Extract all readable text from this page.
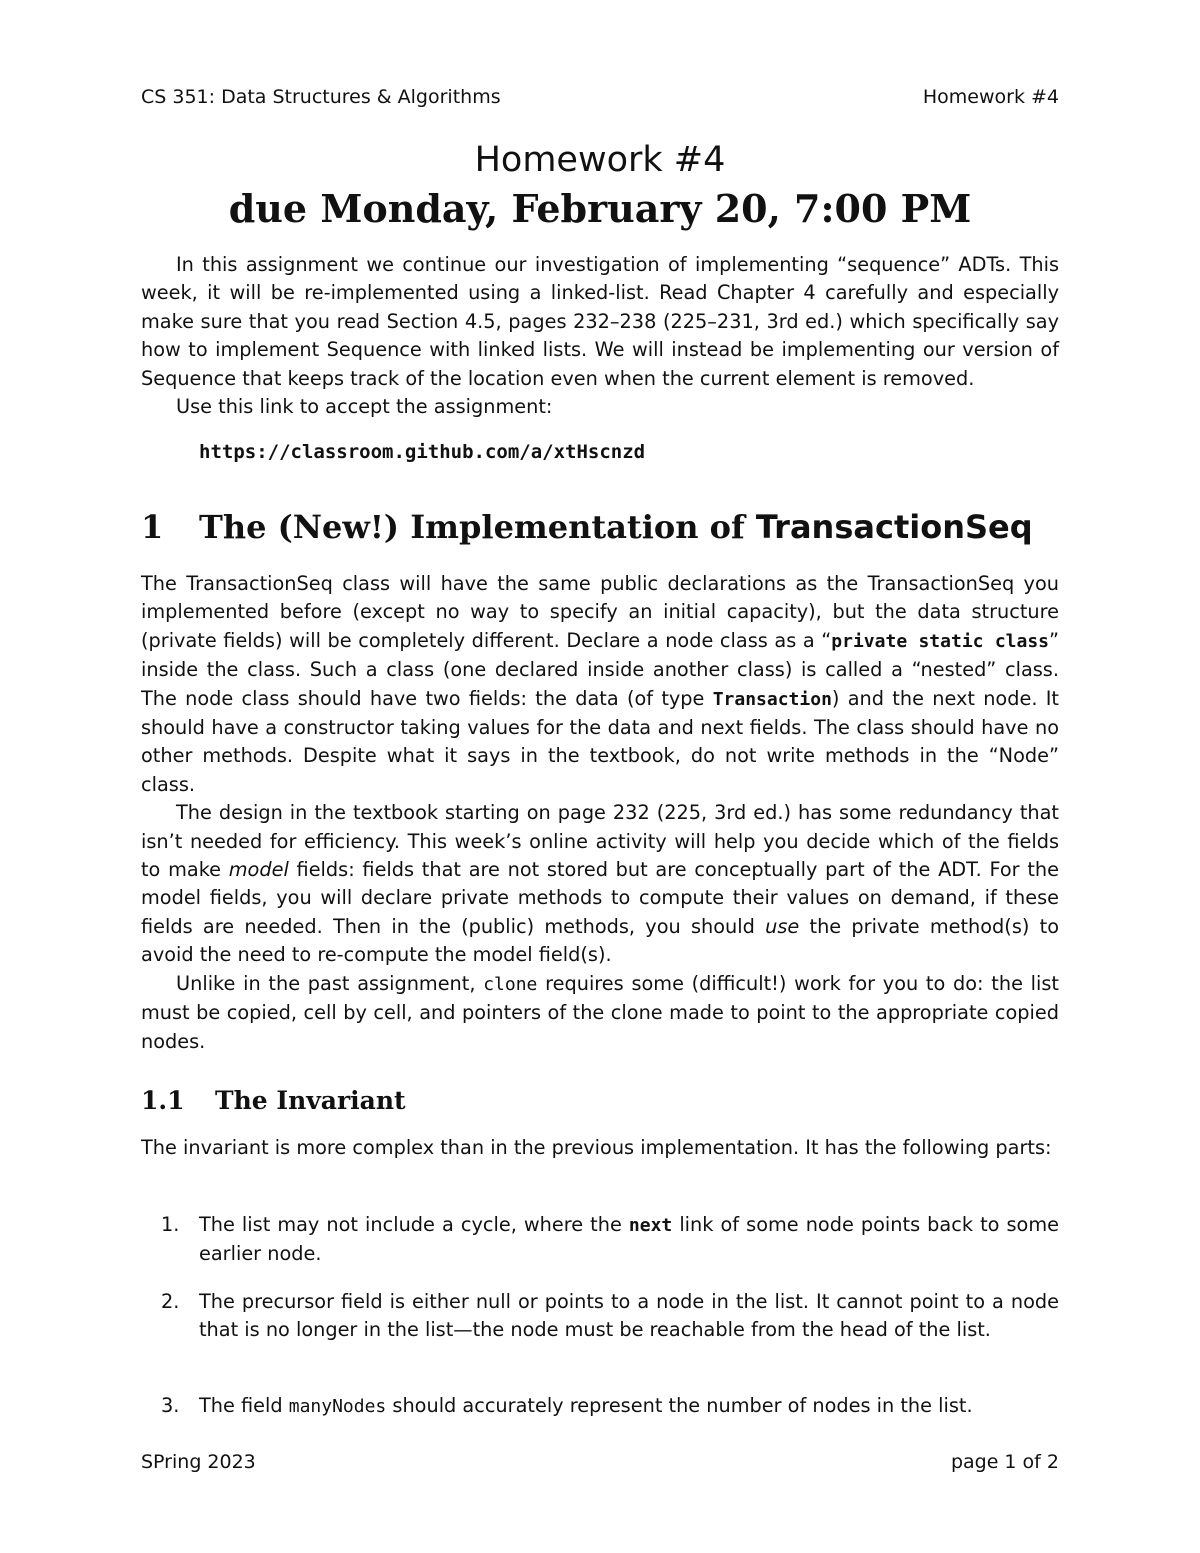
CS 351: Data Structures & Algorithms	Homework #4
Homework #4
due Monday, February 20, 7:00 PM

In this assignment we continue our investigation of implementing “sequence” ADTs. This week, it will be re-implemented using a linked-list. Read Chapter 4 carefully and especially make sure that you read Section 4.5, pages 232–238 (225–231, 3rd ed.) which specifically say how to implement Sequence with linked lists. We will instead be implementing our version of Sequence that keeps track of the location even when the current element is removed.

Use this link to accept the assignment:

https://classroom.github.com/a/xtHscnzd
1 The (New!) Implementation of TransactionSeq

The TransactionSeq class will have the same public declarations as the TransactionSeq you implemented before (except no way to specify an initial capacity), but the data structure (private fields) will be completely different. Declare a node class as a “private static class” inside the class. Such a class (one declared inside another class) is called a “nested” class. The node class should have two fields: the data (of type Transaction) and the next node. It should have a constructor taking values for the data and next fields. The class should have no other methods. Despite what it says in the textbook, do not write methods in the “Node” class.

The design in the textbook starting on page 232 (225, 3rd ed.) has some redundancy that isn’t needed for efficiency. This week’s online activity will help you decide which of the fields to make model fields: fields that are not stored but are conceptually part of the ADT. For the model fields, you will declare private methods to compute their values on demand, if these fields are needed. Then in the (public) methods, you should use the private method(s) to avoid the need to re-compute the model field(s).

Unlike in the past assignment, clone requires some (difficult!) work for you to do: the list must be copied, cell by cell, and pointers of the clone made to point to the appropriate copied nodes.

1.1 The Invariant

The invariant is more complex than in the previous implementation. It has the following parts:

1. The list may not include a cycle, where the next link of some node points back to some earlier node.
2. The precursor field is either null or points to a node in the list. It cannot point to a node that is no longer in the list—the node must be reachable from the head of the list.
3. The field manyNodes should accurately represent the number of nodes in the list.
SPring 2023	page 1 of 2
